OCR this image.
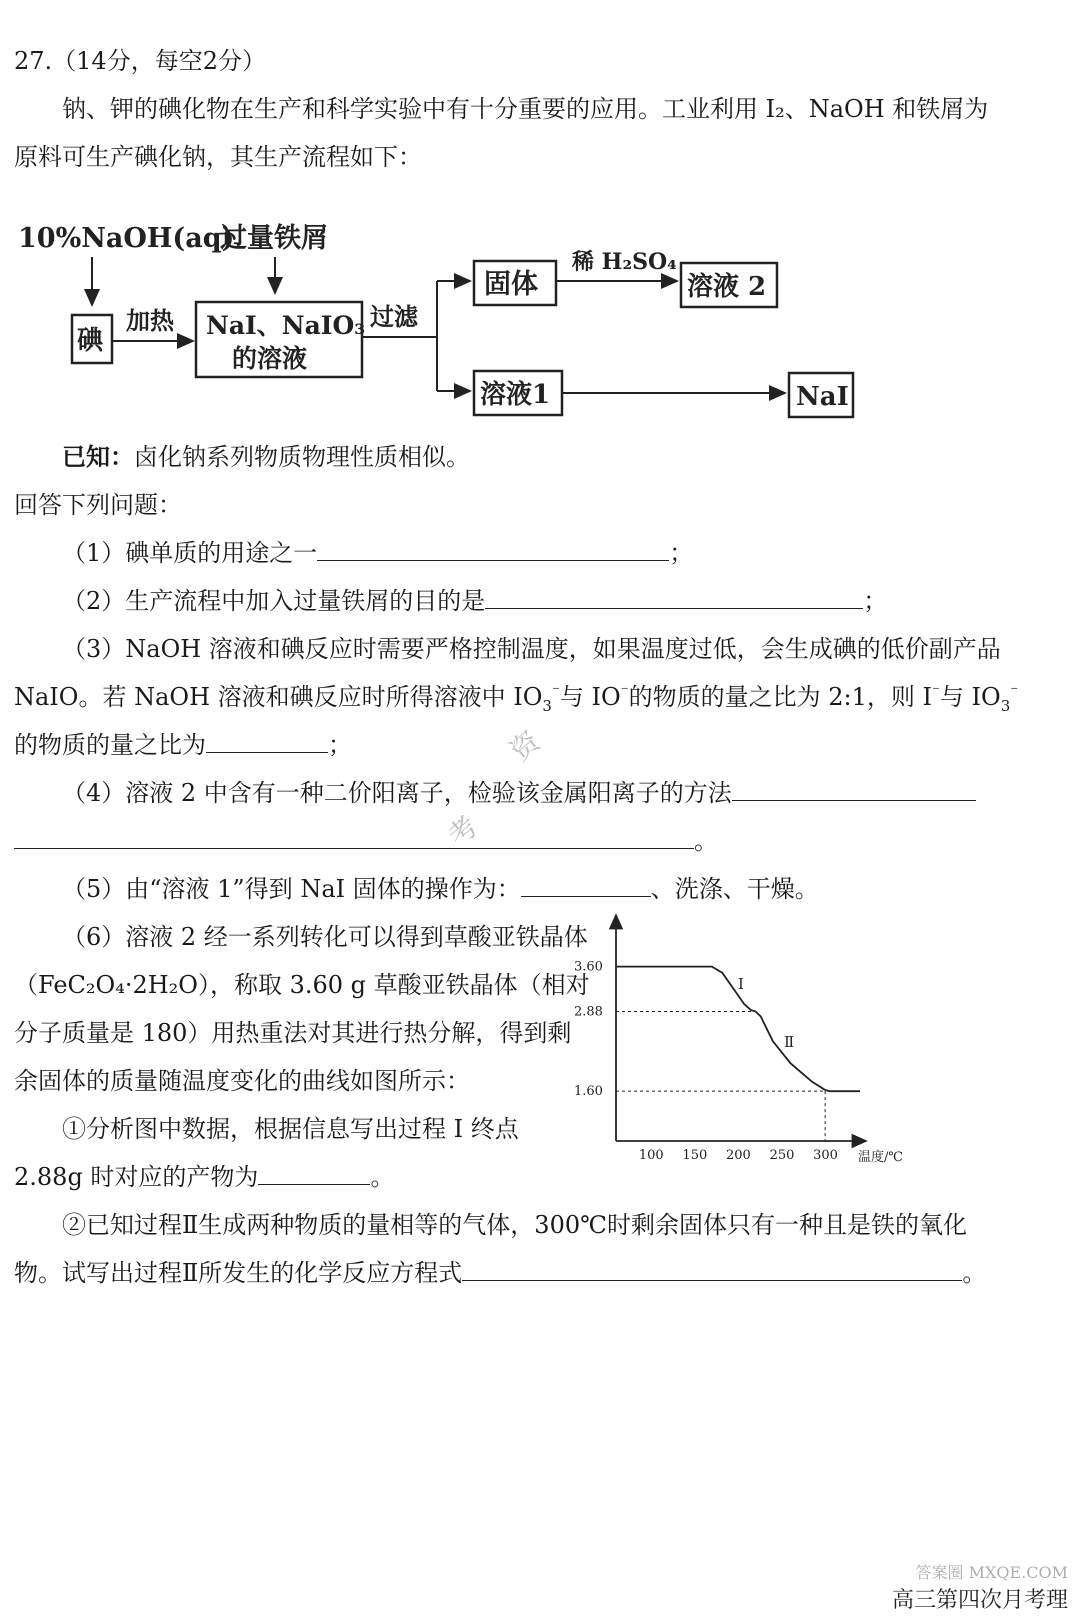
27.（14分，每空2分）
钠、钾的碘化物在生产和科学实验中有十分重要的应用。工业利用 I₂、NaOH 和铁屑为
原料可生产碘化钠，其生产流程如下：
10%NaOH(aq)
过量铁屑
碘
加热 NaI、NaIO₃
的溶液
过滤
固体
稀 H₂SO₄
溶液 2
溶液1	NaI
已知：卤化钠系列物质物理性质相似。
回答下列问题：
（1）碘单质的用途之一	；
（2）生产流程中加入过量铁屑的目的是	；
（3）NaOH 溶液和碘反应时需要严格控制温度，如果温度过低，会生成碘的低价副产品
NaIO。若 NaOH 溶液和碘反应时所得溶液中 $IO_3^{^-}$与 IO⁻的物质的量之比为 2:1，则 I⁻与 $IO_3^{^-}$
的物质的量之比为	；
（4）溶液 2 中含有一种二价阳离子，检验该金属阳离子的方法
。
（5）由“溶液 1”得到 NaI 固体的操作为：	、洗涤、干燥。
（6）溶液 2 经一系列转化可以得到草酸亚铁晶体
（FeC₂O₄·2H₂O），称取 3.60 g 草酸亚铁晶体（相对
分子质量是 180）用热重法对其进行热分解，得到剩
余固体的质量随温度变化的曲线如图所示：
①分析图中数据，根据信息写出过程 Ⅰ 终点
2.88g 时对应的产物为	。
②已知过程Ⅱ生成两种物质的量相等的气体，300℃时剩余固体只有一种且是铁的氧化
物。试写出过程Ⅱ所发生的化学反应方程式	。
100 150 200 250 300
3.60
2.88
1.60
温度/℃
Ⅰ
Ⅱ
资
考
答案圈 MXQE.COM
高三第四次月考理
